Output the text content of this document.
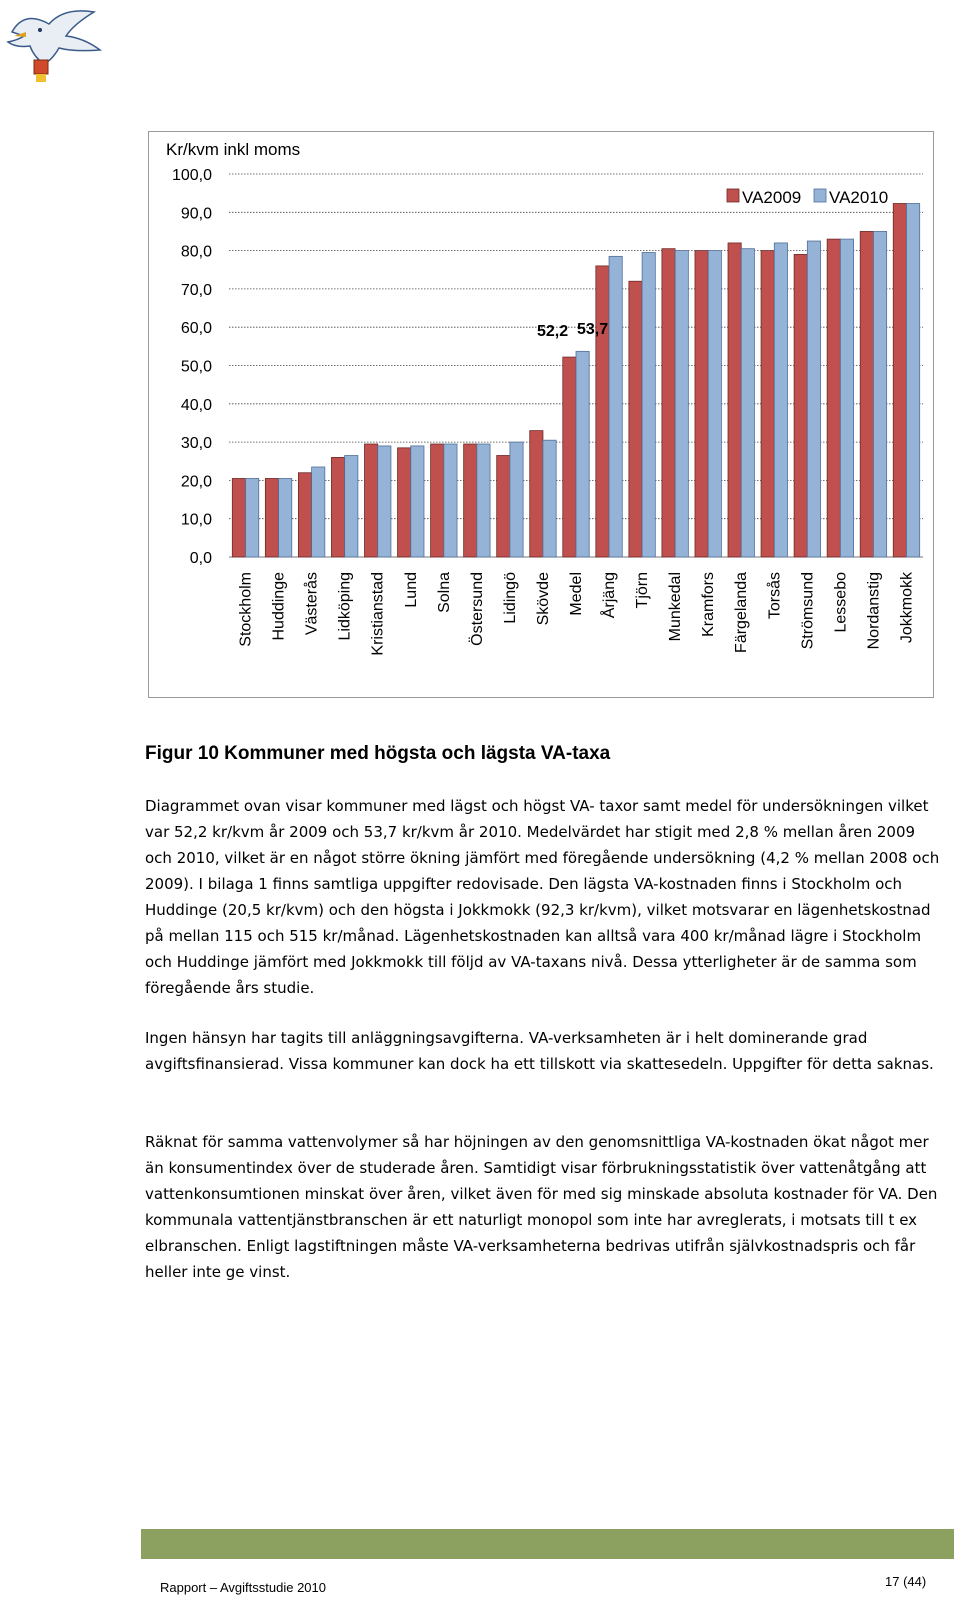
0,0
10,0
20,0
30,0
40,0
50,0
60,0
70,0
80,0
90,0
100,0
Stockholm Huddinge Västerås Lidköping Kristianstad Lund Solna Östersund Lidingö Skövde Medel Årjäng Tjörn Munkedal Kramfors Färgelanda Torsås Strömsund Lessebo Nordanstig Jokkmokk
Kr/kvm inkl moms
VA2009 VA2010
52,2 53,7
Figur 10 Kommuner med högsta och lägsta VA-taxa

Diagrammet ovan visar kommuner med lägst och högst VA- taxor samt medel för undersökningen vilket var 52,2 kr/kvm år 2009 och 53,7 kr/kvm år 2010. Medelvärdet har stigit med 2,8 % mellan åren 2009 och 2010, vilket är en något större ökning jämfört med föregående undersökning (4,2 % mellan 2008 och 2009). I bilaga 1 finns samtliga uppgifter redovisade. Den lägsta VA-kostnaden finns i Stockholm och Huddinge (20,5 kr/kvm) och den högsta i Jokkmokk (92,3 kr/kvm), vilket motsvarar en lägenhetskostnad på mellan 115 och 515 kr/månad. Lägenhetskostnaden kan alltså vara 400 kr/månad lägre i Stockholm och Huddinge jämfört med Jokkmokk till följd av VA-taxans nivå. Dessa ytterligheter är de samma som föregående års studie.

Ingen hänsyn har tagits till anläggningsavgifterna. VA-verksamheten är i helt dominerande grad avgiftsfinansierad. Vissa kommuner kan dock ha ett tillskott via skattesedeln. Uppgifter för detta saknas.

Räknat för samma vattenvolymer så har höjningen av den genomsnittliga VA-kostnaden ökat något mer än konsumentindex över de studerade åren. Samtidigt visar förbrukningsstatistik över vattenåtgång att vattenkonsumtionen minskat över åren, vilket även för med sig minskade absoluta kostnader för VA. Den kommunala vattentjänstbranschen är ett naturligt monopol som inte har avreglerats, i motsats till t ex elbranschen. Enligt lagstiftningen måste VA-verksamheterna bedrivas utifrån självkostnadspris och får heller inte ge vinst.

Rapport – Avgiftsstudie 2010	17 (44)
